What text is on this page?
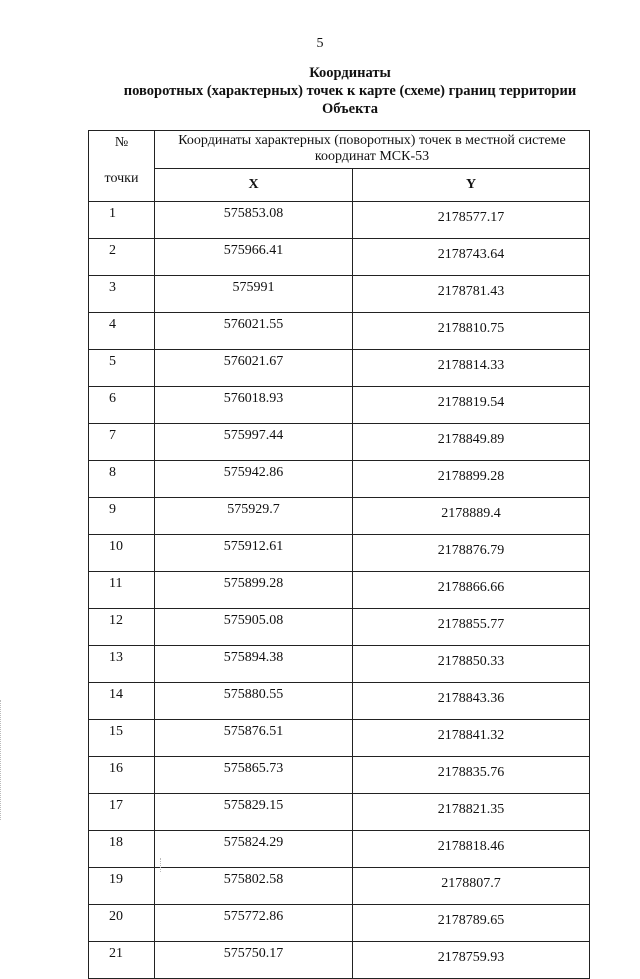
5
Координаты
поворотных (характерных) точек к карте (схеме) границ территории
Объекта
№
точки	Координаты характерных (поворотных) точек в местной системе координат МСК-53	
	X	Y
1	575853.08	2178577.17
2	575966.41	2178743.64
3	575991	2178781.43
4	576021.55	2178810.75
5	576021.67	2178814.33
6	576018.93	2178819.54
7	575997.44	2178849.89
8	575942.86	2178899.28
9	575929.7	2178889.4
10	575912.61	2178876.79
11	575899.28	2178866.66
12	575905.08	2178855.77
13	575894.38	2178850.33
14	575880.55	2178843.36
15	575876.51	2178841.32
16	575865.73	2178835.76
17	575829.15	2178821.35
18	575824.29	2178818.46
19	575802.58	2178807.7
20	575772.86	2178789.65
21	575750.17	2178759.93
